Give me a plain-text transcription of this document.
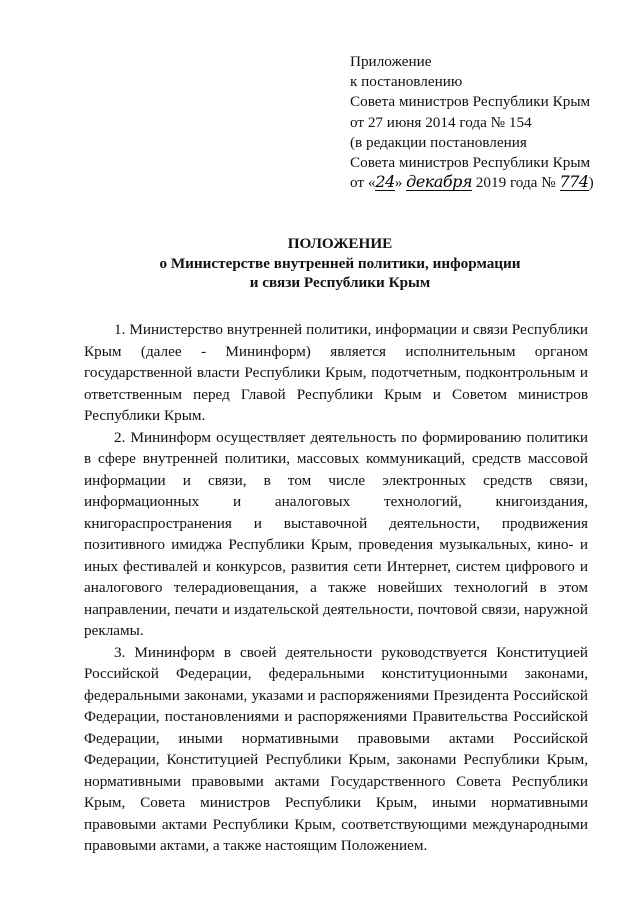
Приложение
к постановлению
Совета министров Республики Крым
от 27 июня 2014 года № 154
(в редакции постановления
Совета министров Республики Крым
от «24» декабря 2019 года № 774)
ПОЛОЖЕНИЕ
о Министерстве внутренней политики, информации
и связи Республики Крым

1. Министерство внутренней политики, информации и связи Республики Крым (далее - Мининформ) является исполнительным органом государственной власти Республики Крым, подотчетным, подконтрольным и ответственным перед Главой Республики Крым и Советом министров Республики Крым.

2. Мининформ осуществляет деятельность по формированию политики в сфере внутренней политики, массовых коммуникаций, средств массовой информации и связи, в том числе электронных средств связи, информационных и аналоговых технологий, книгоиздания, книгораспространения и выставочной деятельности, продвижения позитивного имиджа Республики Крым, проведения музыкальных, кино- и иных фестивалей и конкурсов, развития сети Интернет, систем цифрового и аналогового телерадиовещания, а также новейших технологий в этом направлении, печати и издательской деятельности, почтовой связи, наружной рекламы.

3. Мининформ в своей деятельности руководствуется Конституцией Российской Федерации, федеральными конституционными законами, федеральными законами, указами и распоряжениями Президента Российской Федерации, постановлениями и распоряжениями Правительства Российской Федерации, иными нормативными правовыми актами Российской Федерации, Конституцией Республики Крым, законами Республики Крым, нормативными правовыми актами Государственного Совета Республики Крым, Совета министров Республики Крым, иными нормативными правовыми актами Республики Крым, соответствующими международными правовыми актами, а также настоящим Положением.
